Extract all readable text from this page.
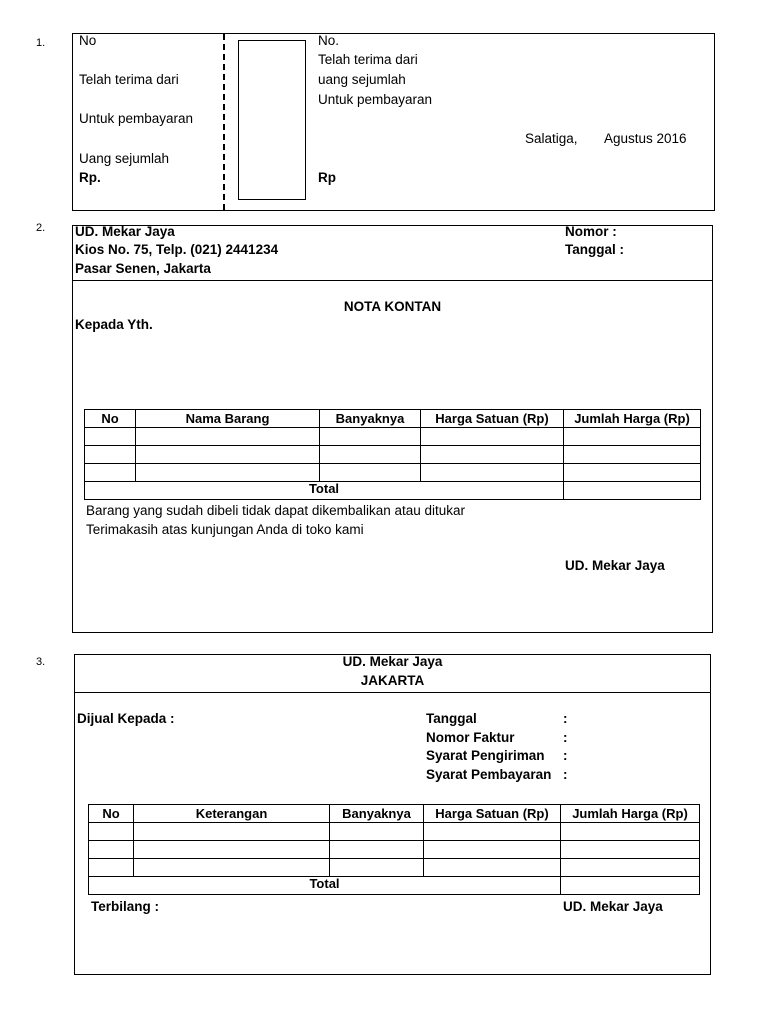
1.	No
Telah terima dari
Untuk pembayaran
Uang sejumlah
Rp.
No.
Telah terima dari
uang sejumlah
Untuk pembayaran
Salatiga, Agustus 2016
Rp
2. UD. Mekar Jaya
Kios No. 75, Telp. (021) 2441234
Pasar Senen, Jakarta
Nomor :
Tanggal :
NOTA KONTAN
Kepada Yth.
No	Nama Barang	Banyaknya	Harga Satuan (Rp)	Jumlah Harga (Rp)

Total				
Barang yang sudah dibeli tidak dapat dikembalikan atau ditukar
Terimakasih atas kunjungan Anda di toko kami
UD. Mekar Jaya
3.	UD. Mekar Jaya
JAKARTA
Dijual Kepada :	Tanggal	:
Nomor Faktur	:
Syarat Pengiriman :
Syarat Pembayaran :
No	Keterangan	Banyaknya	Harga Satuan (Rp)	Jumlah Harga (Rp)

Total				
Terbilang :	UD. Mekar Jaya
